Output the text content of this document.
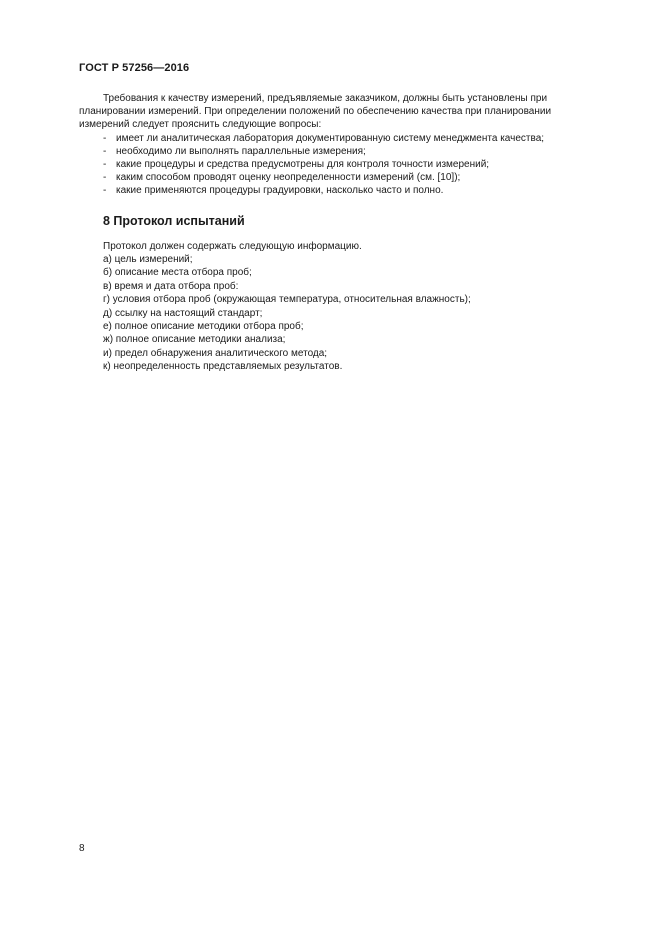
ГОСТ Р 57256—2016
Требования к качеству измерений, предъявляемые заказчиком, должны быть установлены при
планировании измерений. При определении положений по обеспечению качества при планировании
измерений следует прояснить следующие вопросы:
- имеет ли аналитическая лаборатория документированную систему менеджмента качества;
- необходимо ли выполнять параллельные измерения;
- какие процедуры и средства предусмотрены для контроля точности измерений;
- каким способом проводят оценку неопределенности измерений (см. [10]);
- какие применяются процедуры градуировки, насколько часто и полно.
8 Протокол испытаний
Протокол должен содержать следующую информацию.
а) цель измерений;
б) описание места отбора проб;
в) время и дата отбора проб:
г) условия отбора проб (окружающая температура, относительная влажность);
д) ссылку на настоящий стандарт;
е) полное описание методики отбора проб;
ж) полное описание методики анализа;
и) предел обнаружения аналитического метода;
к) неопределенность представляемых результатов.
8
